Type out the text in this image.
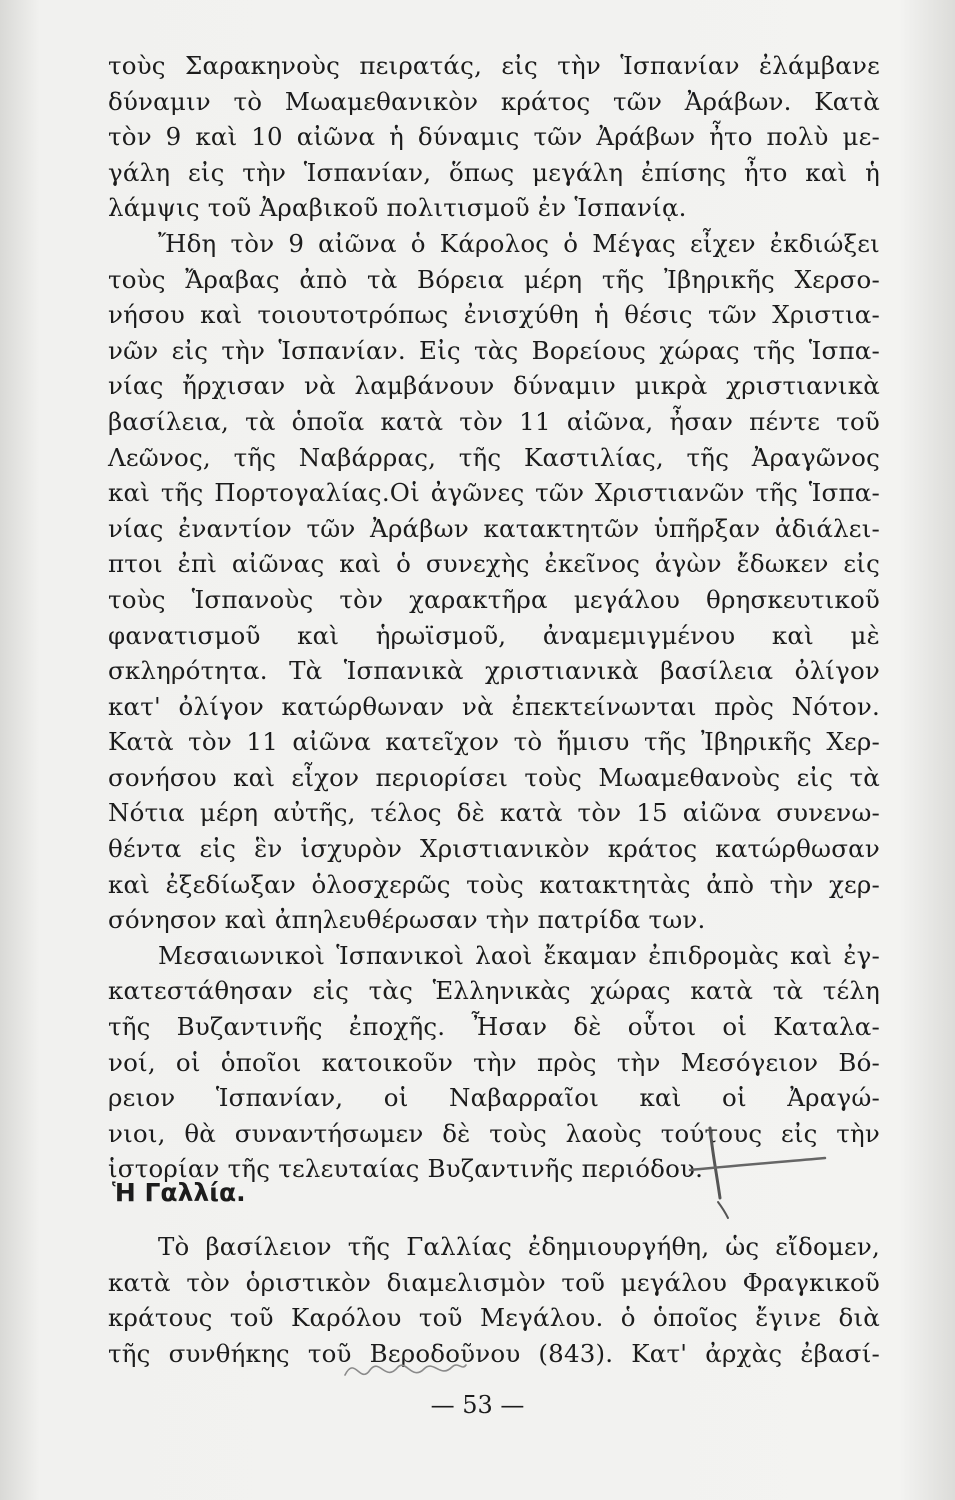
τοὺς Σαρακηνοὺς πειρατάς, εἰς τὴν Ἱσπανίαν ἐλάμβανε
δύναμιν τὸ Μωαμεθανικὸν κράτος τῶν Ἀράβων. Κατὰ
τὸν 9 καὶ 10 αἰῶνα ἡ δύναμις τῶν Ἀράβων ἦτο πολὺ με-
γάλη εἰς τὴν Ἱσπανίαν, ὅπως μεγάλη ἐπίσης ἦτο καὶ ἡ
λάμψις τοῦ Ἀραβικοῦ πολιτισμοῦ ἐν Ἱσπανίᾳ.
Ἤδη τὸν 9 αἰῶνα ὁ Κάρολος ὁ Μέγας εἶχεν ἐκδιώξει
τοὺς Ἄραβας ἀπὸ τὰ Βόρεια μέρη τῆς Ἰβηρικῆς Χερσο-
νήσου καὶ τοιουτοτρόπως ἐνισχύθη ἡ θέσις τῶν Χριστια-
νῶν εἰς τὴν Ἱσπανίαν. Εἰς τὰς Βορείους χώρας τῆς Ἱσπα-
νίας ἤρχισαν νὰ λαμβάνουν δύναμιν μικρὰ χριστιανικὰ
βασίλεια, τὰ ὁποῖα κατὰ τὸν 11 αἰῶνα, ἦσαν πέντε τοῦ
Λεῶνος, τῆς Ναβάρρας, τῆς Καστιλίας, τῆς Ἀραγῶνος
καὶ τῆς Πορτογαλίας.Οἱ ἀγῶνες τῶν Χριστιανῶν τῆς Ἱσπα-
νίας ἐναντίον τῶν Ἀράβων κατακτητῶν ὑπῆρξαν ἀδιάλει-
πτοι ἐπὶ αἰῶνας καὶ ὁ συνεχὴς ἐκεῖνος ἀγὼν ἔδωκεν εἰς
τοὺς Ἱσπανοὺς τὸν χαρακτῆρα μεγάλου θρησκευτικοῦ
φανατισμοῦ καὶ ἡρωϊσμοῦ, ἀναμεμιγμένου καὶ μὲ
σκληρότητα. Τὰ Ἱσπανικὰ χριστιανικὰ βασίλεια ὀλίγον
κατ' ὀλίγον κατώρθωναν νὰ ἐπεκτείνωνται πρὸς Νότον.
Κατὰ τὸν 11 αἰῶνα κατεῖχον τὸ ἥμισυ τῆς Ἰβηρικῆς Χερ-
σονήσου καὶ εἶχον περιορίσει τοὺς Μωαμεθανοὺς εἰς τὰ
Νότια μέρη αὐτῆς, τέλος δὲ κατὰ τὸν 15 αἰῶνα συνενω-
θέντα εἰς ἓν ἰσχυρὸν Χριστιανικὸν κράτος κατώρθωσαν
καὶ ἐξεδίωξαν ὁλοσχερῶς τοὺς κατακτητὰς ἀπὸ τὴν χερ-
σόνησον καὶ ἀπηλευθέρωσαν τὴν πατρίδα των.
Μεσαιωνικοὶ Ἱσπανικοὶ λαοὶ ἔκαμαν ἐπιδρομὰς καὶ ἐγ-
κατεστάθησαν εἰς τὰς Ἑλληνικὰς χώρας κατὰ τὰ τέλη
τῆς Βυζαντινῆς ἐποχῆς. Ἦσαν δὲ οὗτοι οἱ Καταλα-
νοί, οἱ ὁποῖοι κατοικοῦν τὴν πρὸς τὴν Μεσόγειον Βό-
ρειον Ἱσπανίαν, οἱ Ναβαρραῖοι καὶ οἱ Ἀραγώ-
νιοι, θὰ συναντήσωμεν δὲ τοὺς λαοὺς τούτους εἰς τὴν
ἱστορίαν τῆς τελευταίας Βυζαντινῆς περιόδου.
Ἡ Γαλλία.
Τὸ βασίλειον τῆς Γαλλίας ἐδημιουργήθη, ὡς εἴδομεν,
κατὰ τὸν ὁριστικὸν διαμελισμὸν τοῦ μεγάλου Φραγκικοῦ
κράτους τοῦ Καρόλου τοῦ Μεγάλου. ὁ ὁποῖος ἔγινε διὰ
τῆς συνθήκης τοῦ Βεροδοῦνου (843). Κατ' ἀρχὰς ἐβασί-
— 53 —
